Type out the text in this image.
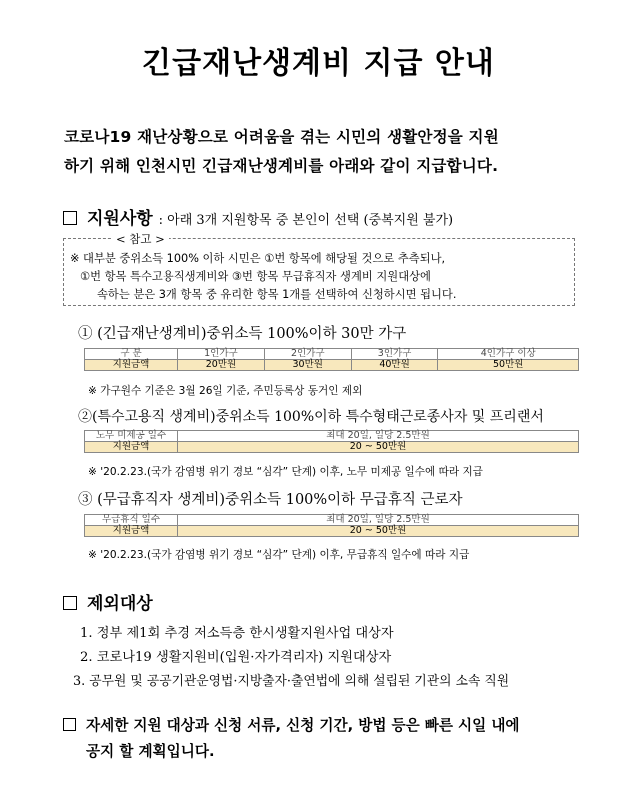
긴급재난생계비 지급 안내
코로나19 재난상황으로 어려움을 겪는 시민의 생활안정을 지원
하기 위해 인천시민 긴급재난생계비를 아래와 같이 지급합니다.
지원사항 : 아래 3개 지원항목 중 본인이 선택 (중복지원 불가)
< 참고 >
※ 대부분 중위소득 100% 이하 시민은 ①번 항목에 해당될 것으로 추측되나,
①번 항목 특수고용직생계비와 ③번 항목 무급휴직자 생계비 지원대상에
속하는 분은 3개 항목 중 유리한 항목 1개를 선택하여 신청하시면 됩니다.
① (긴급재난생계비)중위소득 100%이하 30만 가구
구 분	1인가구	2인가구	3인가구	4인가구 이상
지원금액	20만원	30만원	40만원	50만원
※ 가구원수 기준은 3월 26일 기준, 주민등록상 동거인 제외
②(특수고용직 생계비)중위소득 100%이하 특수형태근로종사자 및 프리랜서
노무 미제공 일수	최대 20일, 일당 2.5만원
지원금액	20 ~ 50만원
※ '20.2.23.(국가 감염병 위기 경보 “심각” 단계) 이후, 노무 미제공 일수에 따라 지급
③ (무급휴직자 생계비)중위소득 100%이하 무급휴직 근로자
무급휴직 일수	최대 20일, 일당 2.5만원
지원금액	20 ~ 50만원
※ '20.2.23.(국가 감염병 위기 경보 “심각” 단계) 이후, 무급휴직 일수에 따라 지급
제외대상
1. 정부 제1회 추경 저소득층 한시생활지원사업 대상자
2. 코로나19 생활지원비(입원·자가격리자) 지원대상자
3. 공무원 및 공공기관운영법·지방출자·출연법에 의해 설립된 기관의 소속 직원
자세한 지원 대상과 신청 서류, 신청 기간, 방법 등은 빠른 시일 내에
공지 할 계획입니다.
